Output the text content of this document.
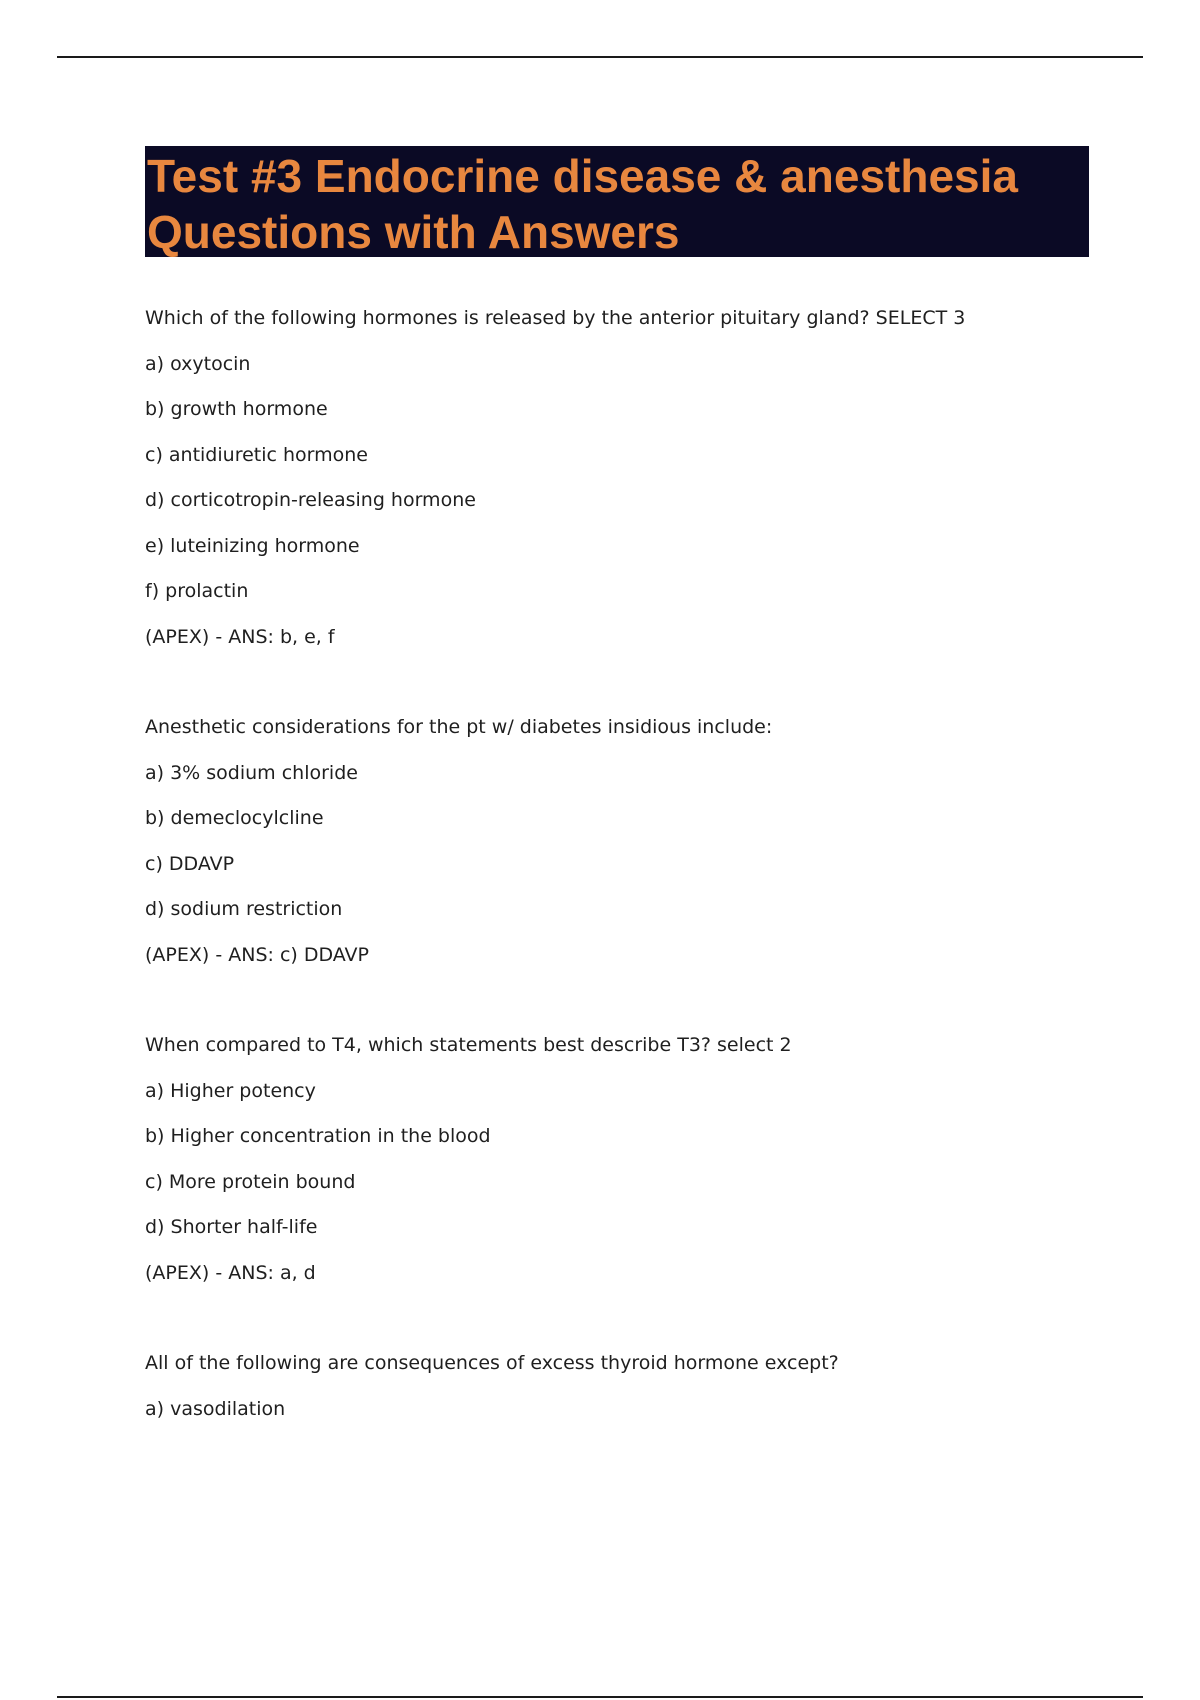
Test #3 Endocrine disease & anesthesia
Questions with Answers
Which of the following hormones is released by the anterior pituitary gland? SELECT 3
a) oxytocin
b) growth hormone
c) antidiuretic hormone
d) corticotropin-releasing hormone
e) luteinizing hormone
f) prolactin
(APEX) - ANS: b, e, f
Anesthetic considerations for the pt w/ diabetes insidious include:
a) 3% sodium chloride
b) demeclocylcline
c) DDAVP
d) sodium restriction
(APEX) - ANS: c) DDAVP
When compared to T4, which statements best describe T3? select 2
a) Higher potency
b) Higher concentration in the blood
c) More protein bound
d) Shorter half-life
(APEX) - ANS: a, d
All of the following are consequences of excess thyroid hormone except?
a) vasodilation
